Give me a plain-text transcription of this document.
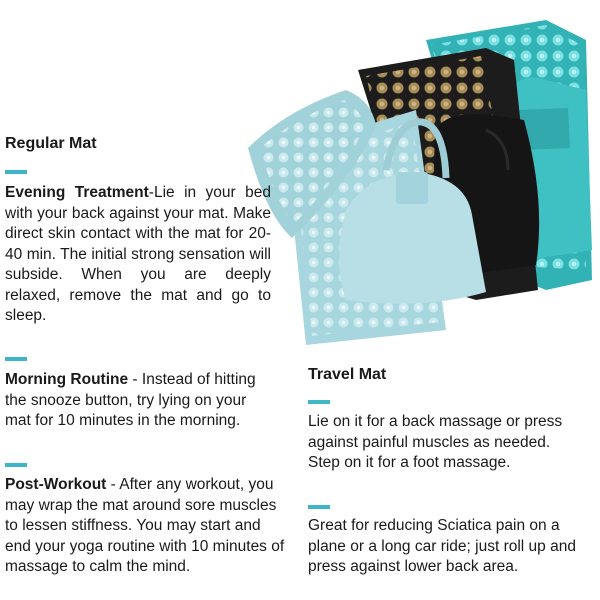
Regular Mat
Evening Treatment-Lie in your bed with your back against your mat. Make direct skin contact with the mat for 20-40 min. The initial strong sensation will subside. When you are deeply relaxed, remove the mat and go to sleep.
Morning Routine - Instead of hitting the snooze button, try lying on your mat for 10 minutes in the morning.
Post-Workout - After any workout, you may wrap the mat around sore muscles to lessen stiffness. You may start and end your yoga routine with 10 minutes of massage to calm the mind.
Travel Mat
Lie on it for a back massage or press against painful muscles as needed. Step on it for a foot massage.
Great for reducing Sciatica pain on a plane or a long car ride; just roll up and press against lower back area.
